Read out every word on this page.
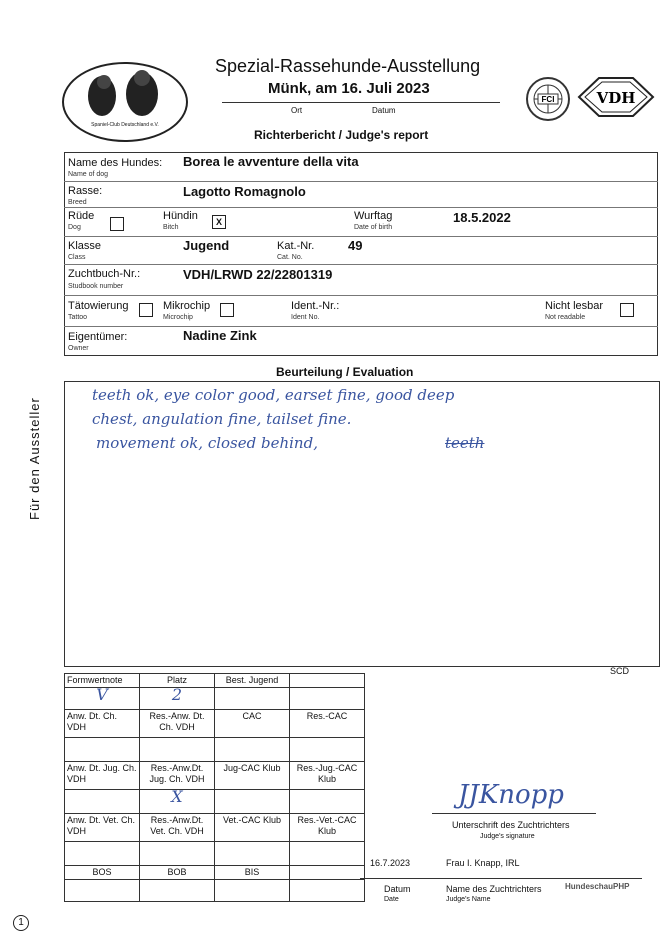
Spaniel-Club Deutschland e.V.
Spezial-Rassehunde-Ausstellung
Münk, am 16. Juli 2023
Ort	Datum
FCI	VDH
Richterbericht / Judge's report
Name des Hundes:
Name of dog
Borea le avventure della vita
Rasse:
Breed
Lagotto Romagnolo
Rüde
Dog
Hündin
Bitch
X	Wurftag
Date of birth
18.5.2022
Klasse
Class
Jugend	Kat.-Nr.
Cat. No.
49
Zuchtbuch-Nr.:
Studbook number
VDH/LRWD 22/22801319
Tätowierung
Tattoo
Mikrochip
Microchip
Ident.-Nr.:
Ident No.
Nicht lesbar
Not readable
Eigentümer:
Owner
Nadine Zink
Beurteilung / Evaluation
teeth ok, eye color good, earset fine, good deep
chest, angulation fine, tailset fine.
movement ok, closed behind,	teeth
Für den Aussteller
Formwertnote	Platz	Best. Jugend	
V	2		
Anw. Dt. Ch. VDH	Res.-Anw. Dt. Ch. VDH	CAC	Res.-CAC

Anw. Dt. Jug. Ch. VDH	Res.-Anw.Dt. Jug. Ch. VDH	Jug-CAC Klub	Res.-Jug.-CAC Klub
	X		
Anw. Dt. Vet. Ch. VDH	Res.-Anw.Dt. Vet. Ch. VDH	Vet.-CAC Klub	Res.-Vet.-CAC Klub

BOS	BOB	BIS	

SCD
JJKnopp
Unterschrift des Zuchtrichters
Judge's signature
16.7.2023	Frau I. Knapp, IRL
Datum
Date
Name des Zuchtrichters
Judge's Name
HundeschauPHP
1
